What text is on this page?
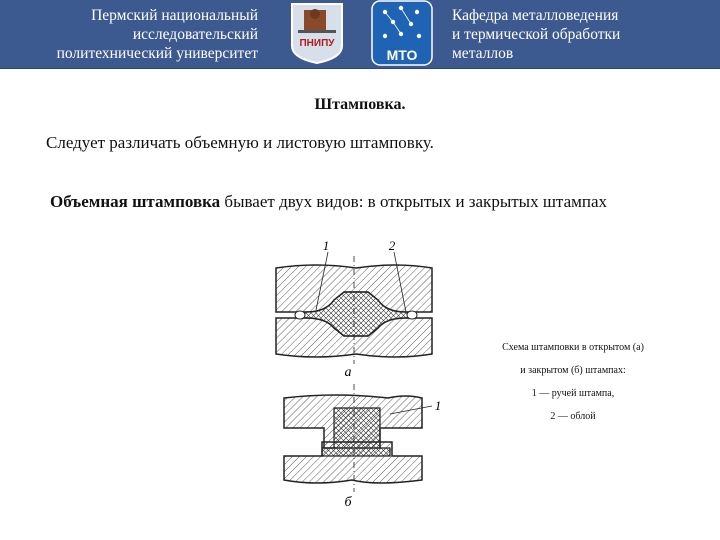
Пермский национальный
исследовательский
политехнический университет
ПНИПУ
МТО
Кафедра металловедения
и термической обработки
металлов
Штамповка.
Следует различать объемную и листовую штамповку.
Объемная штамповка бывает двух видов: в открытых и закрытых штампах
1	2
а
1
б
Схема штамповки в открытом (а)
и закрытом (б) штампах:
1 — ручей штампа,
2 — облой
